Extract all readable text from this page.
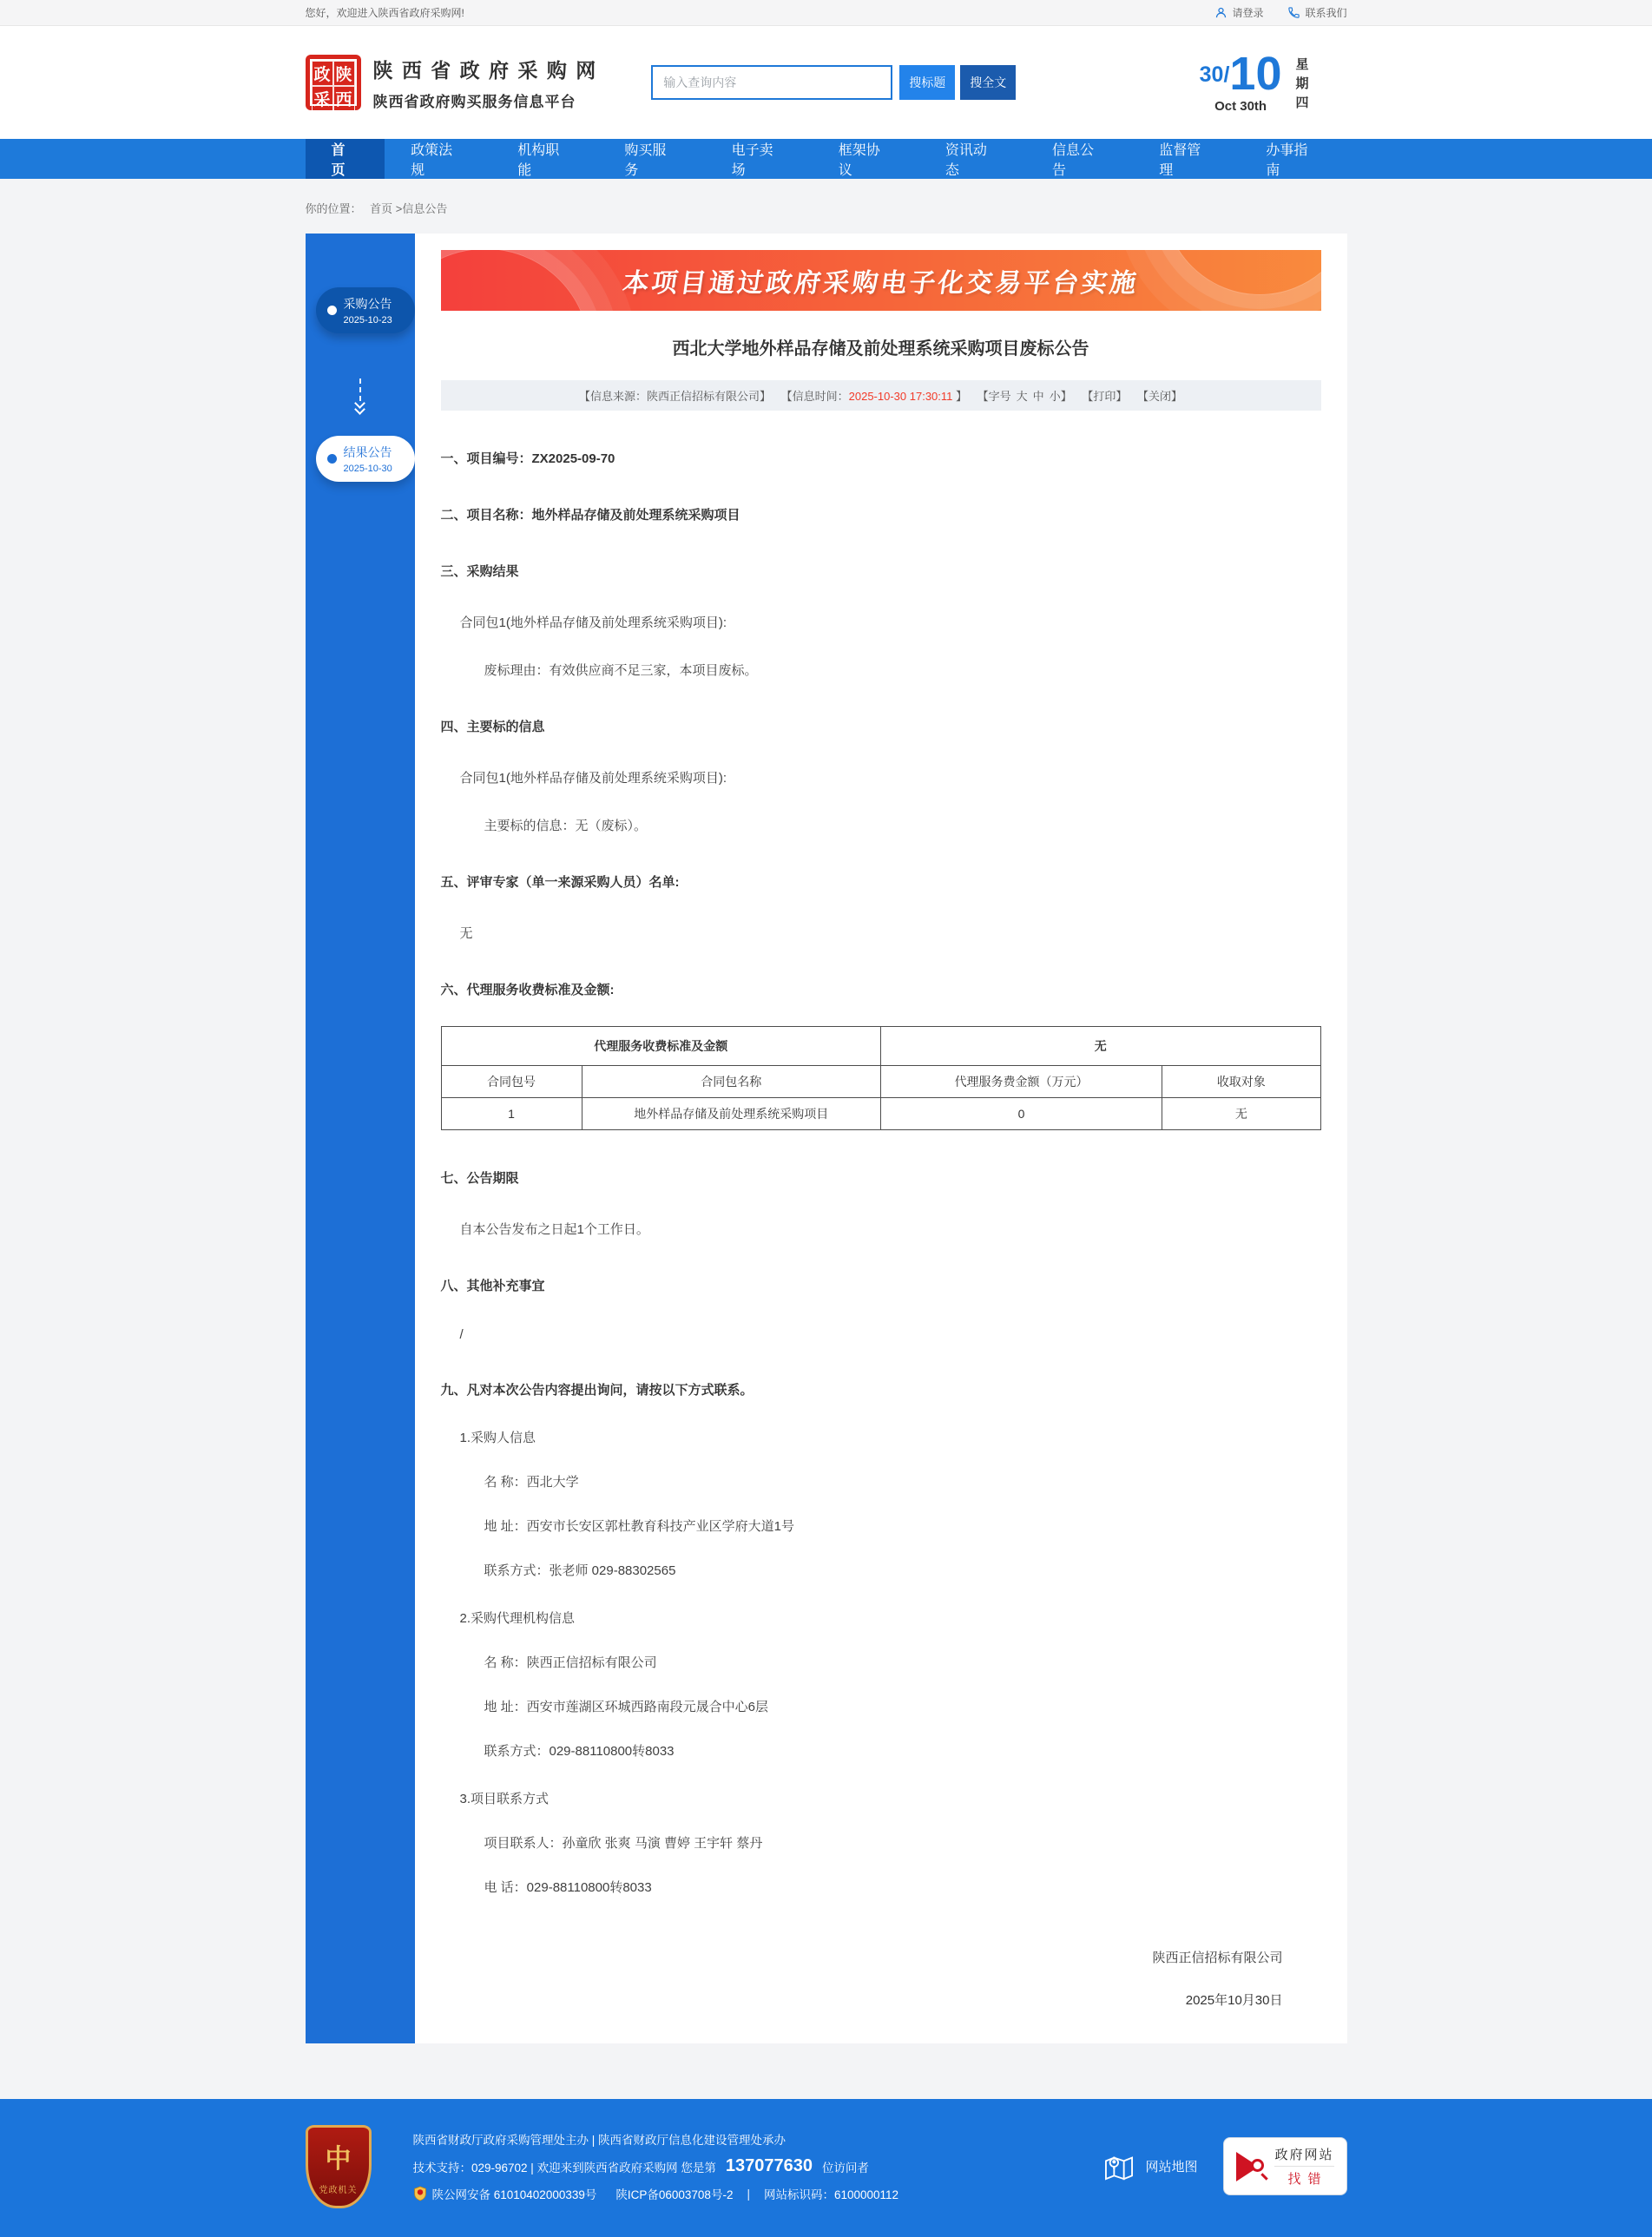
您好，欢迎进入陕西省政府采购网!	请登录	联系我们
政 陕
采 西
陕 西 省 政 府 采 购 网
陕西省政府购买服务信息平台
输入查询内容
搜标题	搜全文	30/ 10
Oct 30th	星期四
首页
政策法规
机构职能
购买服务
电子卖场
框架协议
资讯动态
信息公告
监督管理
办事指南
你的位置： 首页 >信息公告
采购公告
2025-10-23
结果公告
2025-10-30
本项目通过政府采购电子化交易平台实施
西北大学地外样品存储及前处理系统采购项目废标公告
【信息来源：陕西正信招标有限公司】 【信息时间：2025-10-30 17:30:11 】 【字号 大 中 小】 【打印】 【关闭】

一、项目编号：ZX2025-09-70

二、项目名称：地外样品存储及前处理系统采购项目

三、采购结果

合同包1(地外样品存储及前处理系统采购项目):

废标理由：有效供应商不足三家，本项目废标。

四、主要标的信息

合同包1(地外样品存储及前处理系统采购项目):

主要标的信息：无（废标）。

五、评审专家（单一来源采购人员）名单:

无

六、代理服务收费标准及金额:

代理服务收费标准及金额		无	
合同包号	合同包名称	代理服务费金额（万元）	收取对象
1	地外样品存储及前处理系统采购项目	0	无

七、公告期限

自本公告发布之日起1个工作日。

八、其他补充事宜

/

九、凡对本次公告内容提出询问，请按以下方式联系。

1.采购人信息

名 称：西北大学

地 址：西安市长安区郭杜教育科技产业区学府大道1号

联系方式：张老师 029-88302565

2.采购代理机构信息

名 称：陕西正信招标有限公司

地 址：西安市莲湖区环城西路南段元晟合中心6层

联系方式：029-88110800转8033

3.项目联系方式

项目联系人：孙童欣 张爽 马演 曹婷 王宇轩 蔡丹

电 话：029-88110800转8033

陕西正信招标有限公司

2025年10月30日

中
党政机关
陕西省财政厅政府采购管理处主办 | 陕西省财政厅信息化建设管理处承办
技术支持：029-96702 | 欢迎来到陕西省政府采购网 您是第 137077630 位访问者
陕公网安备 61010402000339号 陕ICP备06003708号-2 | 网站标识码：6100000112
网站地图
政府网站
找错
